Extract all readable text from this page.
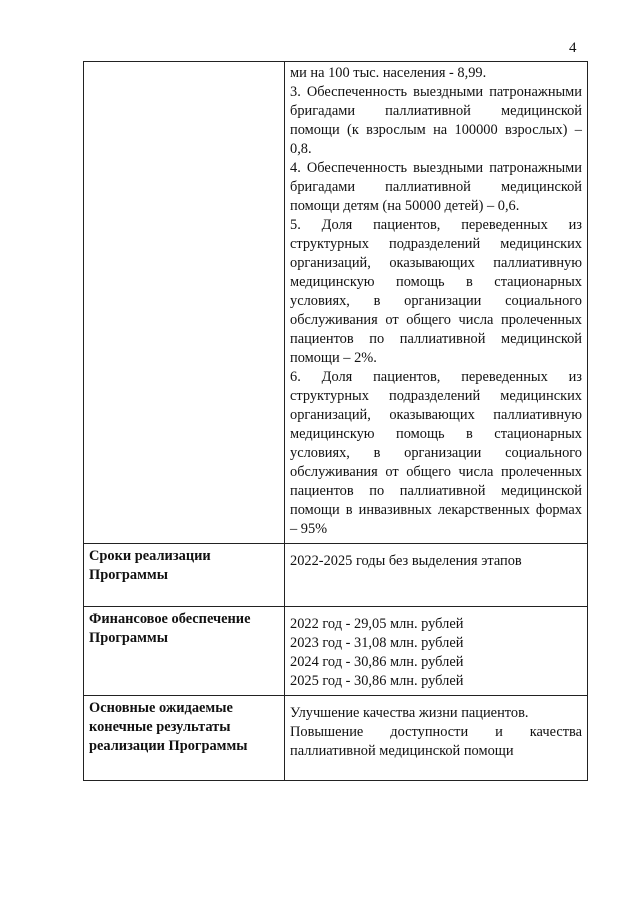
4

	ми на 100 тыс. населения - 8,99.

3. Обеспеченность выездными патронажными бригадами паллиативной медицинской помощи (к взрослым на 100000 взрослых) – 0,8.

4. Обеспеченность выездными патронажными бригадами паллиативной медицинской помощи детям (на 50000 детей) – 0,6.

5. Доля пациентов, переведенных из структурных подразделений медицинских организаций, оказывающих паллиативную медицинскую помощь в стационарных условиях, в организации социального обслуживания от общего числа пролеченных пациентов по паллиативной медицинской помощи – 2%.

6. Доля пациентов, переведенных из структурных подразделений медицинских организаций, оказывающих паллиативную медицинскую помощь в стационарных условиях, в организации социального обслуживания от общего числа пролеченных пациентов по паллиативной медицинской помощи в инвазивных лекарственных формах – 95%

Сроки реализации Программы	2022-2025 годы без выделения этапов

Финансовое обеспечение Программы	2022 год - 29,05 млн. рублей

2023 год - 31,08 млн. рублей

2024 год - 30,86 млн. рублей

2025 год - 30,86 млн. рублей

Основные ожидаемые конечные результаты реализации Программы	Улучшение качества жизни пациентов.

Повышение доступности и качества паллиативной медицинской помощи
